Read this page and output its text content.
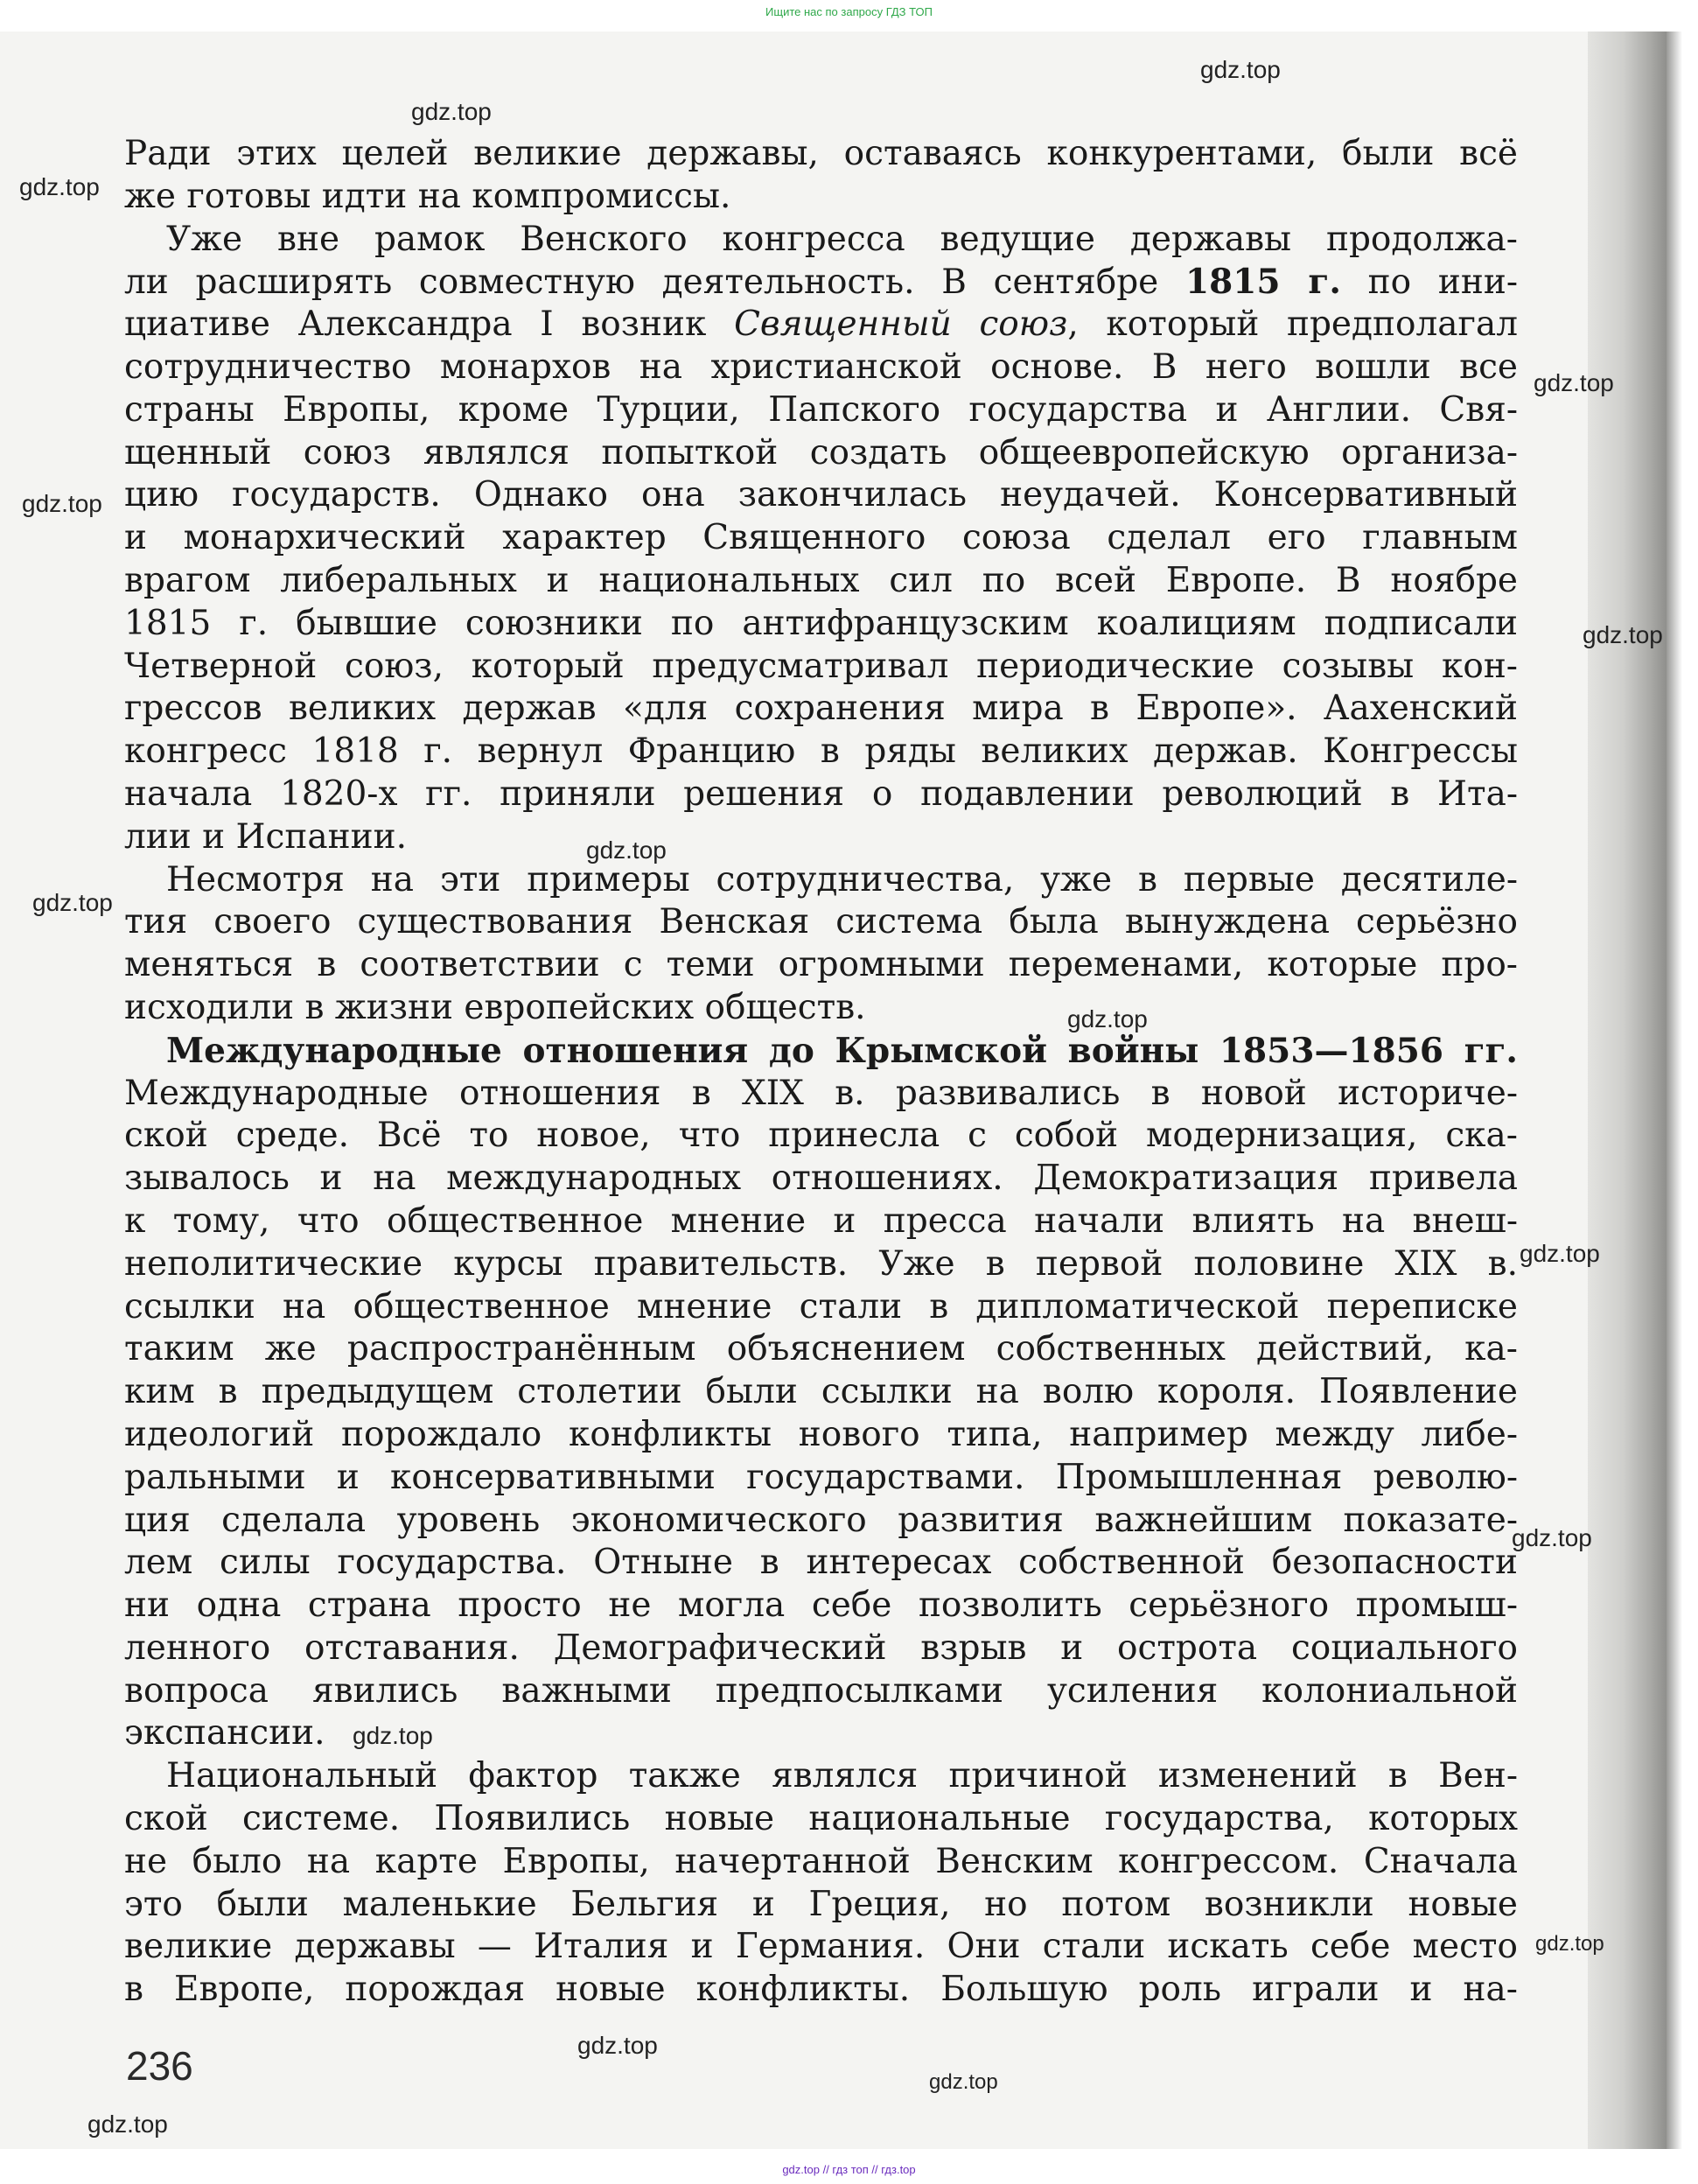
Ищите нас по запросу ГДЗ ТОП
Ради этих целей великие державы, оставаясь конкурентами, были всё
же готовы идти на компромиссы.
Уже вне рамок Венского конгресса ведущие державы продолжа-
ли расширять совместную деятельность. В сентябре 1815 г. по ини-
циативе Александра I возник Священный союз, который предполагал
сотрудничество монархов на христианской основе. В него вошли все
страны Европы, кроме Турции, Папского государства и Англии. Свя-
щенный союз являлся попыткой создать общеевропейскую организа-
цию государств. Однако она закончилась неудачей. Консервативный
и монархический характер Священного союза сделал его главным
врагом либеральных и национальных сил по всей Европе. В ноябре
1815 г. бывшие союзники по антифранцузским коалициям подписали
Четверной союз, который предусматривал периодические созывы кон-
грессов великих держав «для сохранения мира в Европе». Аахенский
конгресс 1818 г. вернул Францию в ряды великих держав. Конгрессы
начала 1820-х гг. приняли решения о подавлении революций в Ита-
лии и Испании.
Несмотря на эти примеры сотрудничества, уже в первые десятиле-
тия своего существования Венская система была вынуждена серьёзно
меняться в соответствии с теми огромными переменами, которые про-
исходили в жизни европейских обществ.
Международные отношения до Крымской войны 1853—1856 гг.
Международные отношения в XIX в. развивались в новой историче-
ской среде. Всё то новое, что принесла с собой модернизация, ска-
зывалось и на международных отношениях. Демократизация привела
к тому, что общественное мнение и пресса начали влиять на внеш-
неполитические курсы правительств. Уже в первой половине XIX в.
ссылки на общественное мнение стали в дипломатической переписке
таким же распространённым объяснением собственных действий, ка-
ким в предыдущем столетии были ссылки на волю короля. Появление
идеологий порождало конфликты нового типа, например между либе-
ральными и консервативными государствами. Промышленная револю-
ция сделала уровень экономического развития важнейшим показате-
лем силы государства. Отныне в интересах собственной безопасности
ни одна страна просто не могла себе позволить серьёзного промыш-
ленного отставания. Демографический взрыв и острота социального
вопроса явились важными предпосылками усиления колониальной
экспансии.
Национальный фактор также являлся причиной изменений в Вен-
ской системе. Появились новые национальные государства, которых
не было на карте Европы, начертанной Венским конгрессом. Сначала
это были маленькие Бельгия и Греция, но потом возникли новые
великие державы — Италия и Германия. Они стали искать себе место
в Европе, порождая новые конфликты. Большую роль играли и на-
236
gdz.top
gdz.top
gdz.top
gdz.top
gdz.top
gdz.top
gdz.top
gdz.top
gdz.top
gdz.top
gdz.top
gdz.top
gdz.top
gdz.top
gdz.top
gdz.top
gdz.top // гдз топ // гдз.top
